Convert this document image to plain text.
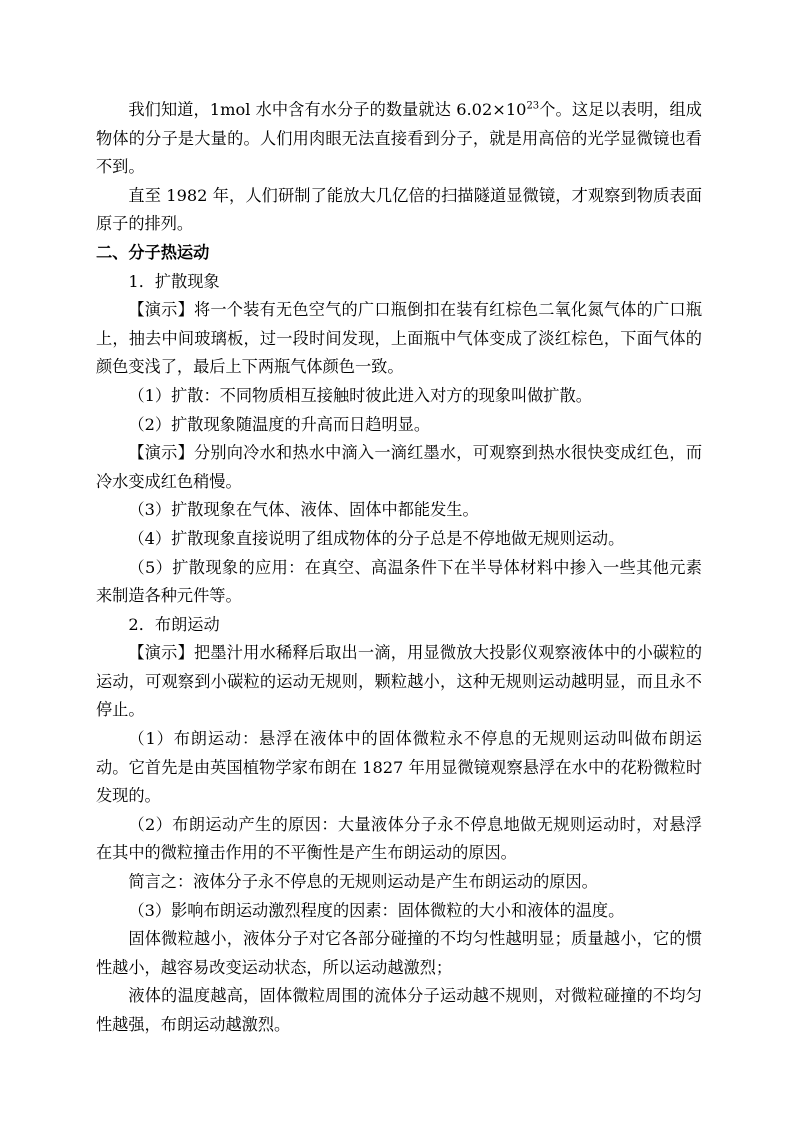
我们知道，1mol 水中含有水分子的数量就达 $6.02\times 10^{23}$个。这足以表明，组成物体的分子是大量的。人们用肉眼无法直接看到分子，就是用高倍的光学显微镜也看不到。

直至 1982 年，人们研制了能放大几亿倍的扫描隧道显微镜，才观察到物质表面原子的排列。

二、分子热运动

1．扩散现象

【演示】将一个装有无色空气的广口瓶倒扣在装有红棕色二氧化氮气体的广口瓶上，抽去中间玻璃板，过一段时间发现，上面瓶中气体变成了淡红棕色，下面气体的颜色变浅了，最后上下两瓶气体颜色一致。

（1）扩散：不同物质相互接触时彼此进入对方的现象叫做扩散。

（2）扩散现象随温度的升高而日趋明显。

【演示】分别向冷水和热水中滴入一滴红墨水，可观察到热水很快变成红色，而冷水变成红色稍慢。

（3）扩散现象在气体、液体、固体中都能发生。

（4）扩散现象直接说明了组成物体的分子总是不停地做无规则运动。

（5）扩散现象的应用：在真空、高温条件下在半导体材料中掺入一些其他元素来制造各种元件等。

2．布朗运动

【演示】把墨汁用水稀释后取出一滴，用显微放大投影仪观察液体中的小碳粒的运动，可观察到小碳粒的运动无规则，颗粒越小，这种无规则运动越明显，而且永不停止。

（1）布朗运动：悬浮在液体中的固体微粒永不停息的无规则运动叫做布朗运动。它首先是由英国植物学家布朗在 1827 年用显微镜观察悬浮在水中的花粉微粒时发现的。

（2）布朗运动产生的原因：大量液体分子永不停息地做无规则运动时，对悬浮在其中的微粒撞击作用的不平衡性是产生布朗运动的原因。

简言之：液体分子永不停息的无规则运动是产生布朗运动的原因。

（3）影响布朗运动激烈程度的因素：固体微粒的大小和液体的温度。

固体微粒越小，液体分子对它各部分碰撞的不均匀性越明显；质量越小，它的惯性越小，越容易改变运动状态，所以运动越激烈；

液体的温度越高，固体微粒周围的流体分子运动越不规则，对微粒碰撞的不均匀性越强，布朗运动越激烈。
